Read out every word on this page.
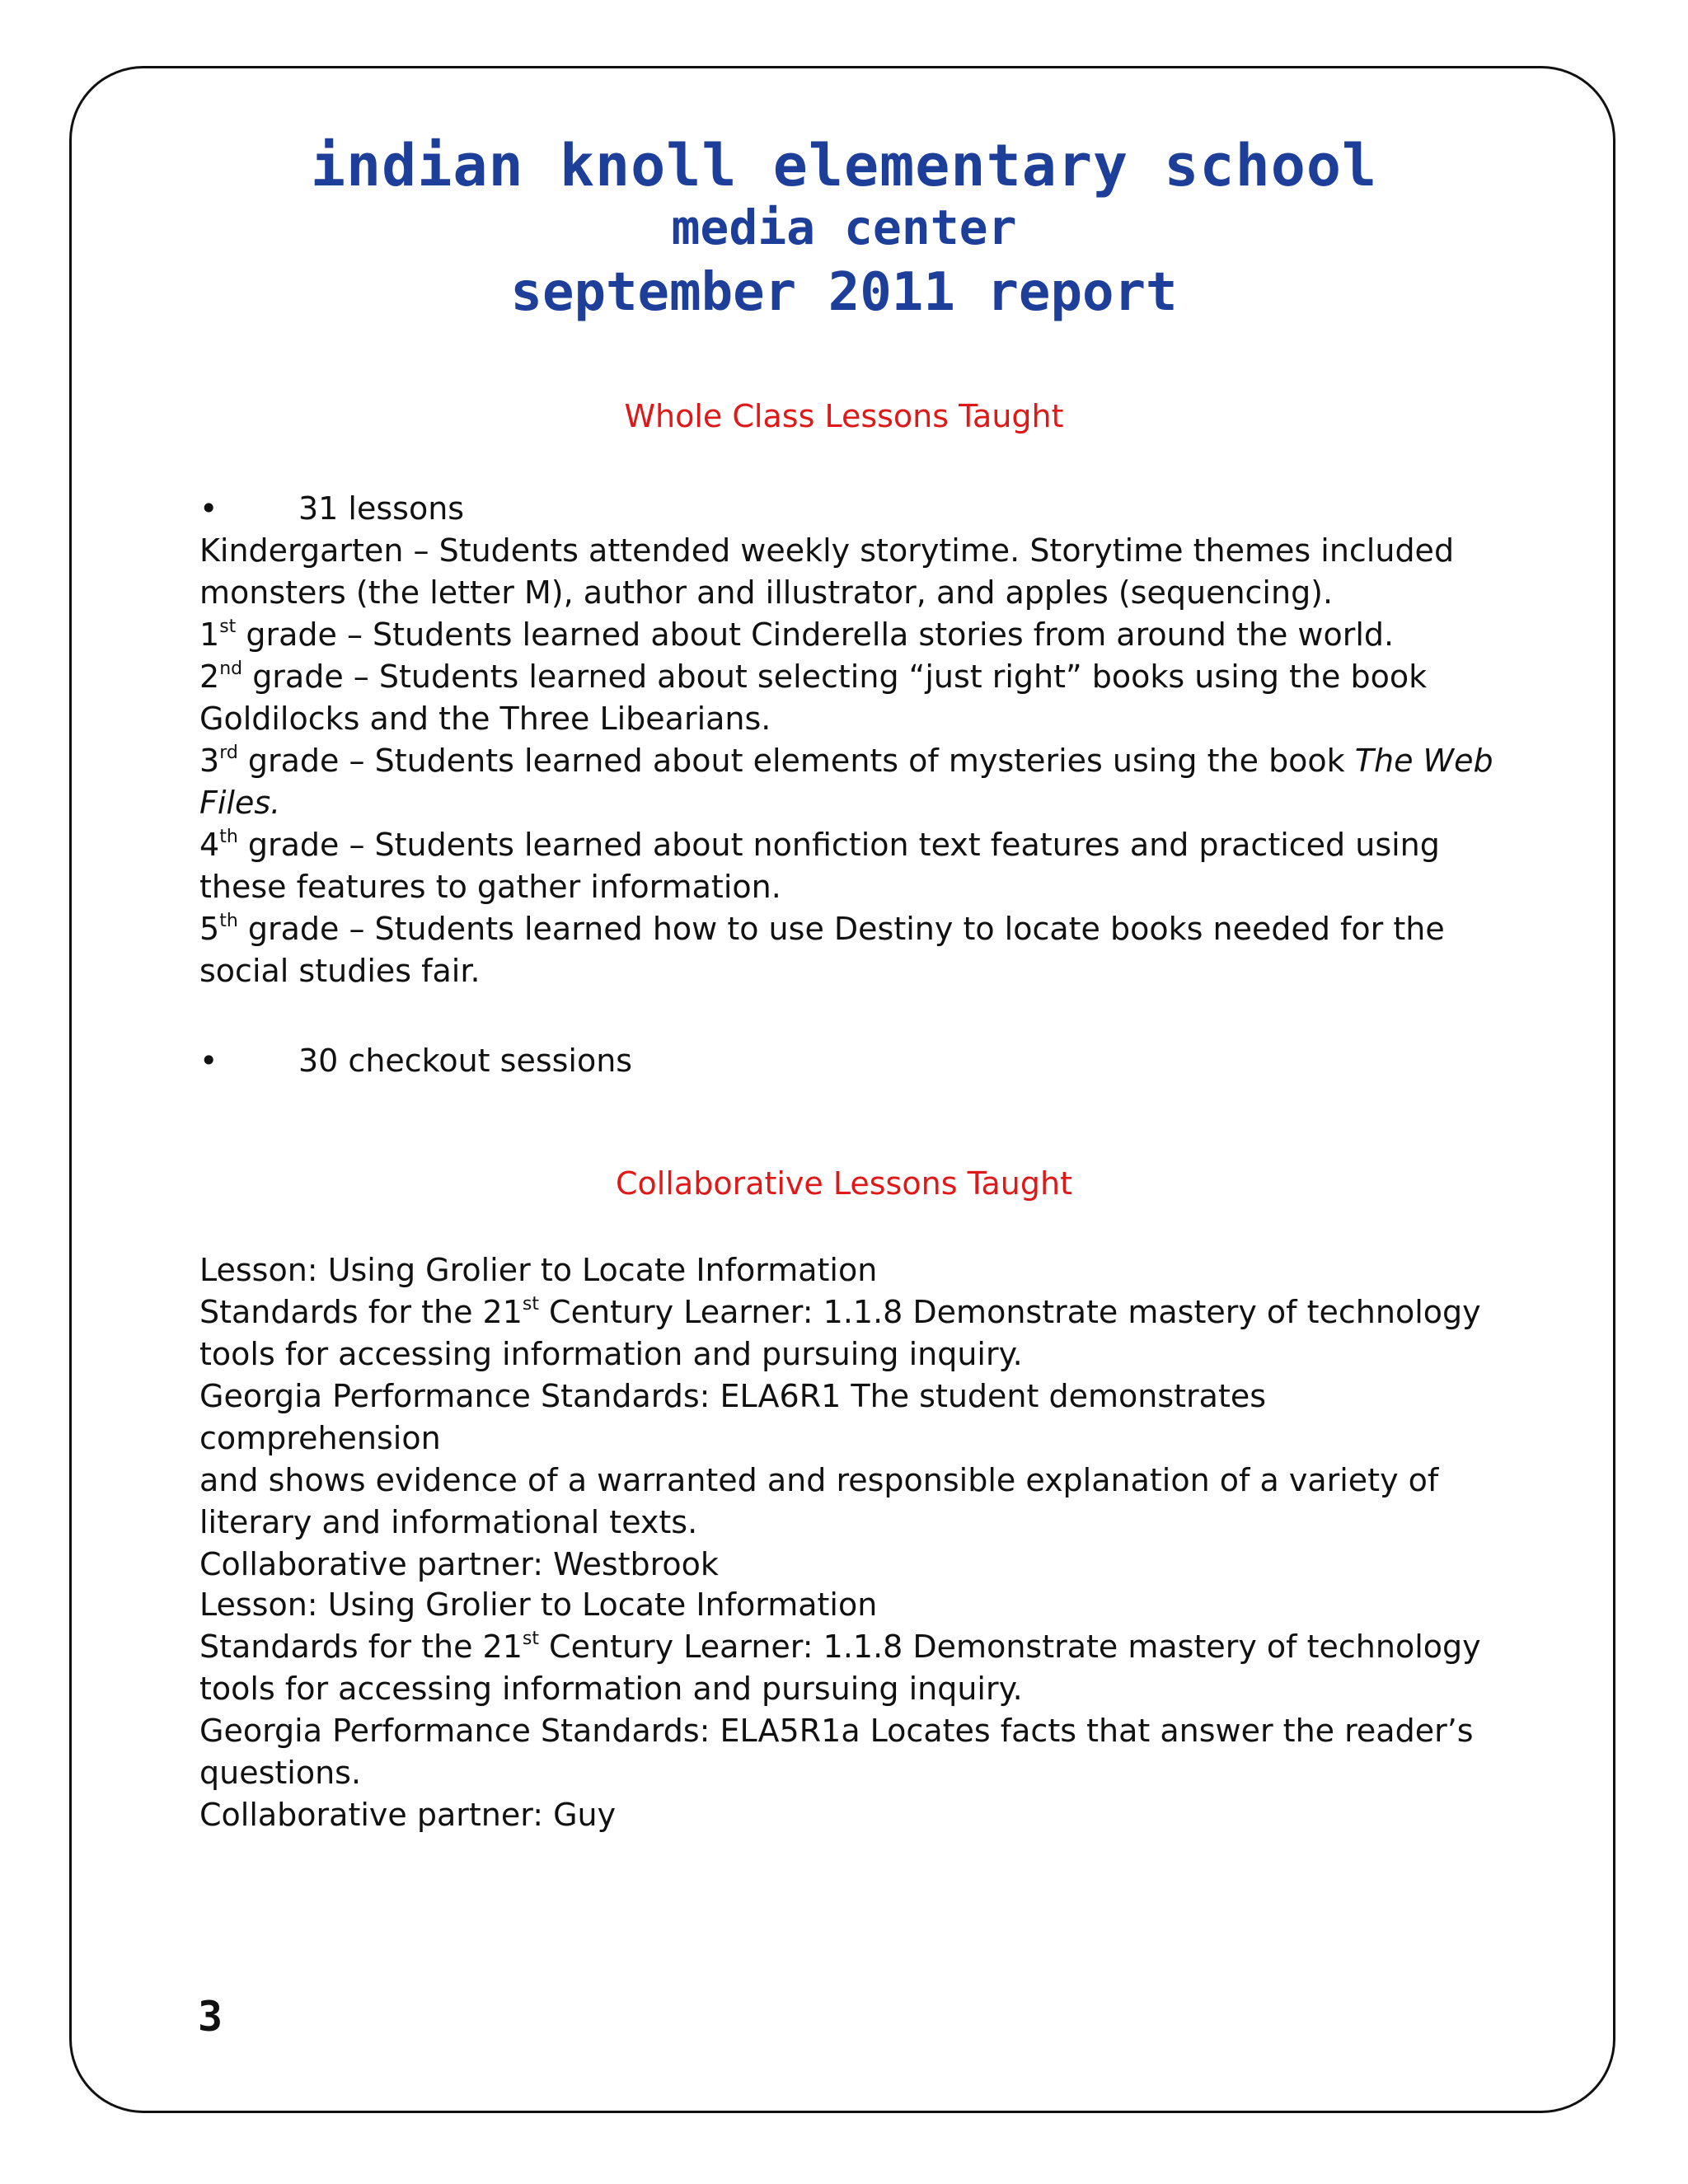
indian knoll elementary school
media center
september 2011 report
Whole Class Lessons Taught

•	31 lessons

Kindergarten – Students attended weekly storytime. Storytime themes included

monsters (the letter M), author and illustrator, and apples (sequencing).

1st grade – Students learned about Cinderella stories from around the world.

2nd grade – Students learned about selecting “just right” books using the book

Goldilocks and the Three Libearians.

3rd grade – Students learned about elements of mysteries using the book The Web

Files.

4th grade – Students learned about nonfiction text features and practiced using

these features to gather information.

5th grade – Students learned how to use Destiny to locate books needed for the

social studies fair.

•	30 checkout sessions

Collaborative Lessons Taught

Lesson: Using Grolier to Locate Information

Standards for the 21st Century Learner: 1.1.8 Demonstrate mastery of technology

tools for accessing information and pursuing inquiry.

Georgia Performance Standards: ELA6R1 The student demonstrates comprehension

and shows evidence of a warranted and responsible explanation of a variety of

literary and informational texts.

Collaborative partner: Westbrook

Lesson: Using Grolier to Locate Information

Standards for the 21st Century Learner: 1.1.8 Demonstrate mastery of technology

tools for accessing information and pursuing inquiry.

Georgia Performance Standards: ELA5R1a Locates facts that answer the reader’s

questions.

Collaborative partner: Guy

3
